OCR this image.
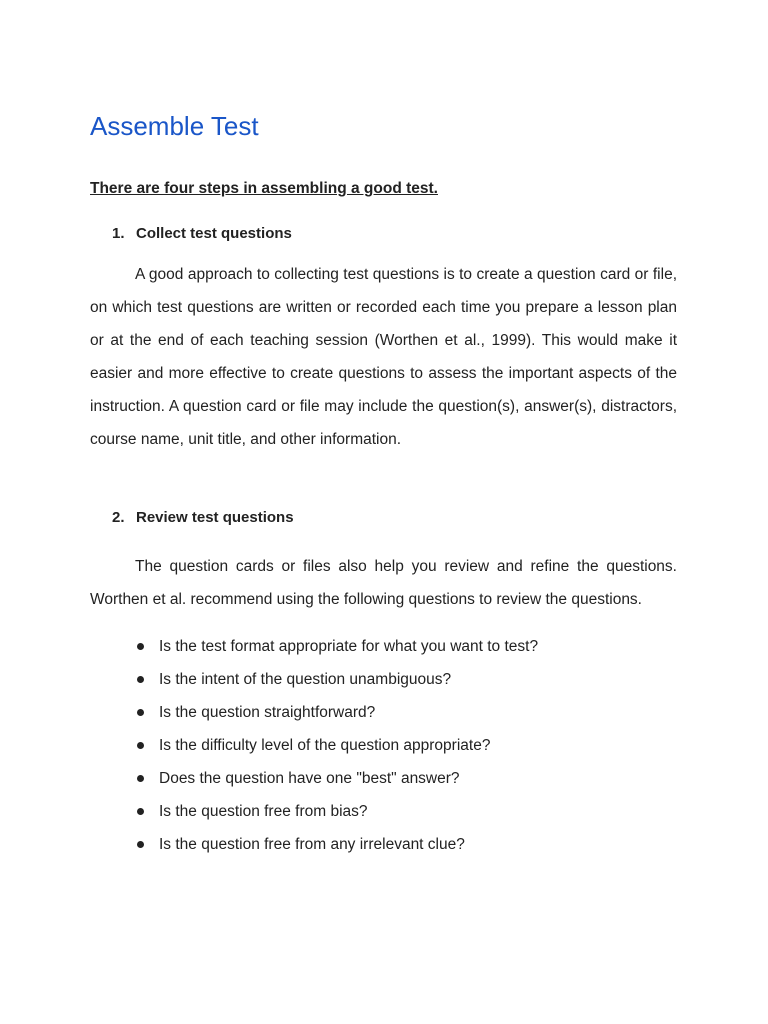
Assemble Test

There are four steps in assembling a good test.

1. Collect test questions

A good approach to collecting test questions is to create a question card or file, on which test questions are written or recorded each time you prepare a lesson plan or at the end of each teaching session (Worthen et al., 1999). This would make it easier and more effective to create questions to assess the important aspects of the instruction. A question card or file may include the question(s), answer(s), distractors, course name, unit title, and other information.

2. Review test questions

The question cards or files also help you review and refine the questions. Worthen et al. recommend using the following questions to review the questions.

Is the test format appropriate for what you want to test?
Is the intent of the question unambiguous?
Is the question straightforward?
Is the difficulty level of the question appropriate?
Does the question have one "best" answer?
Is the question free from bias?
Is the question free from any irrelevant clue?
